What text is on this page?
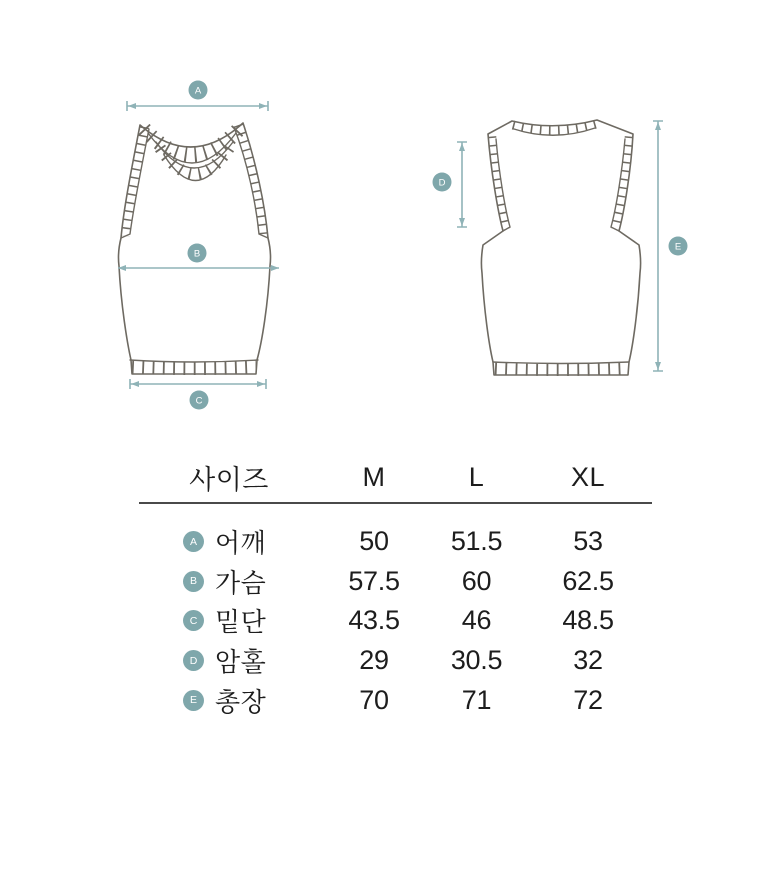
A
B
C
D
E
사이즈	M	L	XL
A 어깨	50	51.5	53
B 가슴	57.5	60	62.5
C 밑단	43.5	46	48.5
D 암홀	29	30.5	32
E 총장	70	71	72
